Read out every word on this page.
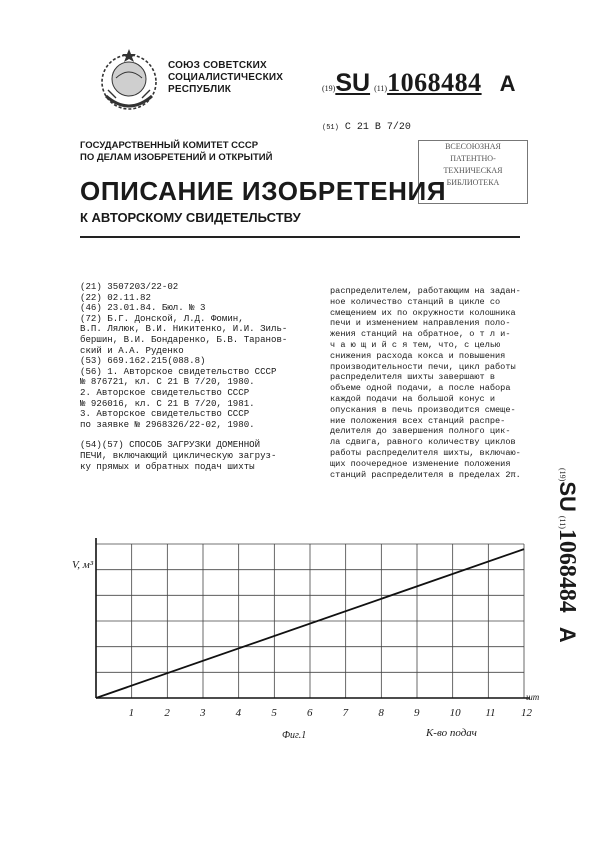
СОЮЗ СОВЕТСКИХ
СОЦИАЛИСТИЧЕСКИХ
РЕСПУБЛИК	(19)SU (11)1068484 A
(51) С 21 В 7/20
ГОСУДАРСТВЕННЫЙ КОМИТЕТ СССР
ПО ДЕЛАМ ИЗОБРЕТЕНИЙ И ОТКРЫТИЙ
ВСЕСОЮЗНАЯ
ПАТЕНТНО-
ТЕХНИЧЕСКАЯ
БИБЛИОТЕКА
ОПИСАНИЕ ИЗОБРЕТЕНИЯ
К АВТОРСКОМУ СВИДЕТЕЛЬСТВУ
(21) 3507203/22-02
(22) 02.11.82
(46) 23.01.84. Бюл. № 3
(72) Б.Г. Донской, Л.Д. Фомин,
В.П. Лялюк, В.И. Никитенко, И.И. Зиль-
бершин, В.И. Бондаренко, Б.В. Таранов-
ский и А.А. Руденко
(53) 669.162.215(088.8)
(56) 1. Авторское свидетельство СССР
№ 876721, кл. С 21 В 7/20, 1980.
2. Авторское свидетельство СССР
№ 926016, кл. С 21 В 7/20, 1981.
3. Авторское свидетельство СССР
по заявке № 2968326/22-02, 1980.
(54)(57) СПОСОБ ЗАГРУЗКИ ДОМЕННОЙ
ПЕЧИ, включающий циклическую загруз-
ку прямых и обратных подач шихты
распределителем, работающим на задан-
ное количество станций в цикле со
смещением их по окружности колошника
печи и изменением направления поло-
жения станций на обратное, о т л и-
ч а ю щ и й с я тем, что, с целью
снижения расхода кокса и повышения
производительности печи, цикл работы
распределителя шихты завершают в
объеме одной подачи, а после набора
каждой подачи на большой конус и
опускания в печь производится смеще-
ние положения всех станций распре-
делителя до завершения полного цик-
ла сдвига, равного количеству циклов
работы распределителя шихты, включаю-
щих поочередное изменение положения
станций распределителя в пределах 2π.	(19)SU (11)1068484 A
1	2	3	4	5	6	7	8	9	10 11 12
V, м³
шт
К-во подач
Фиг.1
